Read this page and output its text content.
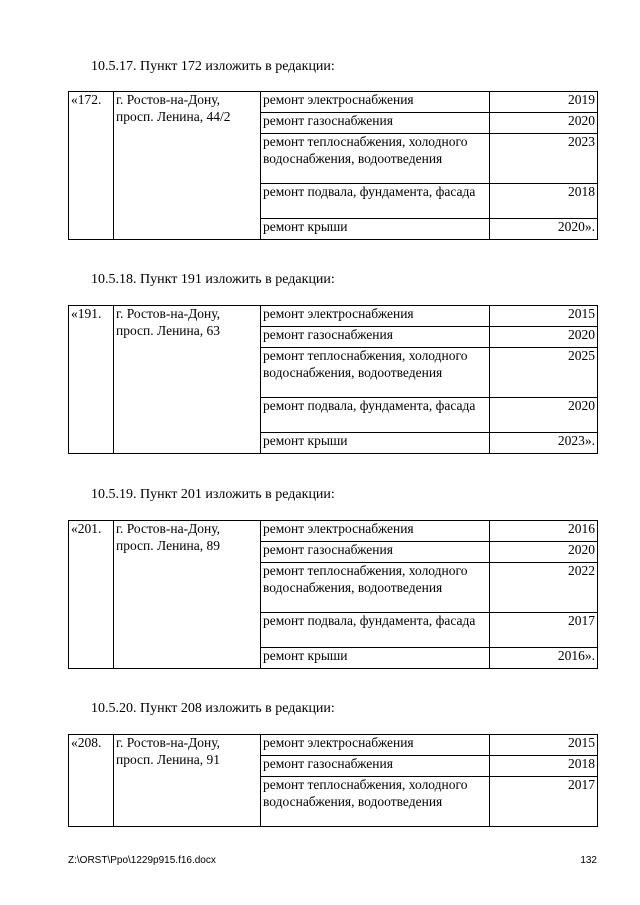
10.5.17. Пункт 172 изложить в редакции:

«172.	г. Ростов-на-Дону, просп. Ленина, 44/2	ремонт электроснабжения	2019
		ремонт газоснабжения	2020
		ремонт теплоснабжения, холодного водоснабжения, водоотведения	2023
		ремонт подвала, фундамента, фасада	2018
		ремонт крыши	2020».

10.5.18. Пункт 191 изложить в редакции:

«191.	г. Ростов-на-Дону, просп. Ленина, 63	ремонт электроснабжения	2015
		ремонт газоснабжения	2020
		ремонт теплоснабжения, холодного водоснабжения, водоотведения	2025
		ремонт подвала, фундамента, фасада	2020
		ремонт крыши	2023».

10.5.19. Пункт 201 изложить в редакции:

«201.	г. Ростов-на-Дону, просп. Ленина, 89	ремонт электроснабжения	2016
		ремонт газоснабжения	2020
		ремонт теплоснабжения, холодного водоснабжения, водоотведения	2022
		ремонт подвала, фундамента, фасада	2017
		ремонт крыши	2016».

10.5.20. Пункт 208 изложить в редакции:

«208.	г. Ростов-на-Дону, просп. Ленина, 91	ремонт электроснабжения	2015
		ремонт газоснабжения	2018
		ремонт теплоснабжения, холодного водоснабжения, водоотведения	2017
Z:\ORST\Ppo\1229p915.f16.docx	132
